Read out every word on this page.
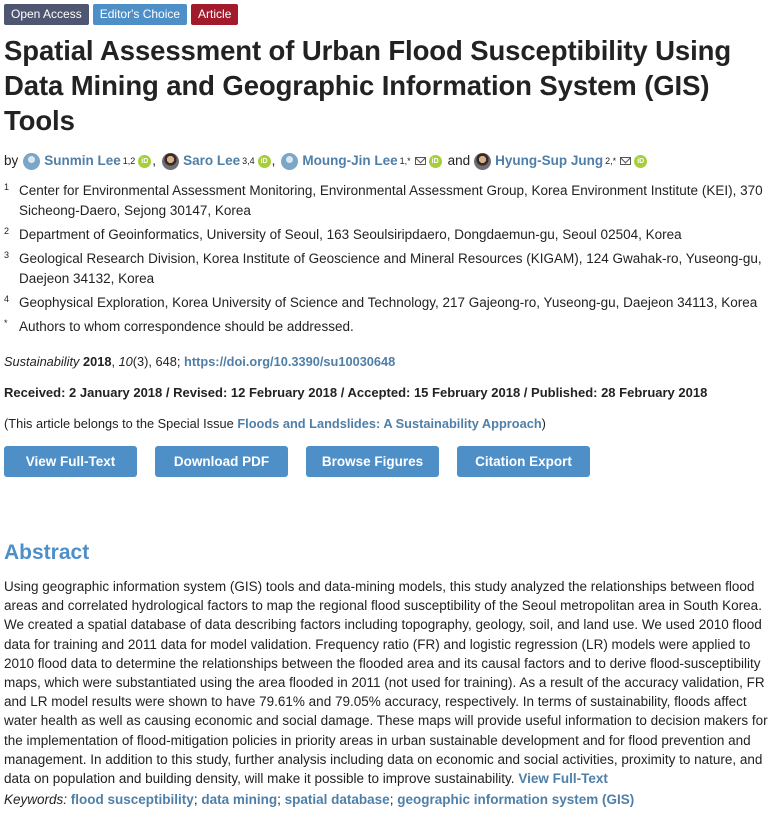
Open Access	Editor's Choice	Article
Spatial Assessment of Urban Flood Susceptibility Using Data Mining and Geographic Information System (GIS) Tools
by Sunmin Lee 1,2 iD , Saro Lee 3,4 iD , Moung-Jin Lee 1,*	iD and Hyung-Sup Jung 2,*	iD
1 Center for Environmental Assessment Monitoring, Environmental Assessment Group, Korea Environment Institute (KEI), 370 Sicheong-Daero, Sejong 30147, Korea
2 Department of Geoinformatics, University of Seoul, 163 Seoulsiripdaero, Dongdaemun-gu, Seoul 02504, Korea
3 Geological Research Division, Korea Institute of Geoscience and Mineral Resources (KIGAM), 124 Gwahak-ro, Yuseong-gu, Daejeon 34132, Korea
4 Geophysical Exploration, Korea University of Science and Technology, 217 Gajeong-ro, Yuseong-gu, Daejeon 34113, Korea
* Authors to whom correspondence should be addressed.
Sustainability 2018, 10(3), 648; https://doi.org/10.3390/su10030648
Received: 2 January 2018 / Revised: 12 February 2018 / Accepted: 15 February 2018 / Published: 28 February 2018
(This article belongs to the Special Issue Floods and Landslides: A Sustainability Approach)
View Full-Text	Download PDF	Browse Figures	Citation Export
Abstract

Using geographic information system (GIS) tools and data-mining models, this study analyzed the relationships between flood areas and correlated hydrological factors to map the regional flood susceptibility of the Seoul metropolitan area in South Korea. We created a spatial database of data describing factors including topography, geology, soil, and land use. We used 2010 flood data for training and 2011 data for model validation. Frequency ratio (FR) and logistic regression (LR) models were applied to 2010 flood data to determine the relationships between the flooded area and its causal factors and to derive flood-susceptibility maps, which were substantiated using the area flooded in 2011 (not used for training). As a result of the accuracy validation, FR and LR model results were shown to have 79.61% and 79.05% accuracy, respectively. In terms of sustainability, floods affect water health as well as causing economic and social damage. These maps will provide useful information to decision makers for the implementation of flood-mitigation policies in priority areas in urban sustainable development and for flood prevention and management. In addition to this study, further analysis including data on economic and social activities, proximity to nature, and data on population and building density, will make it possible to improve sustainability. View Full-Text

Keywords: flood susceptibility; data mining; spatial database; geographic information system (GIS)
